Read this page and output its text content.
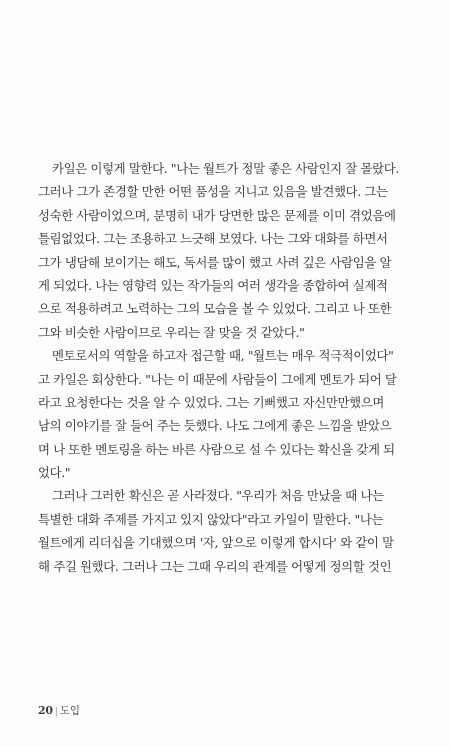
카일은 이렇게 말한다. "나는 월트가 정말 좋은 사람인지 잘 몰랐다.
그러나 그가 존경할 만한 어떤 품성을 지니고 있음을 발견했다. 그는
성숙한 사람이었으며, 분명히 내가 당면한 많은 문제를 이미 겪었음에
틀림없었다. 그는 조용하고 느긋해 보였다. 나는 그와 대화를 하면서
그가 냉담해 보이기는 해도, 독서를 많이 했고 사려 깊은 사람임을 알
게 되었다. 나는 영향력 있는 작가들의 여러 생각을 종합하여 실제적
으로 적용하려고 노력하는 그의 모습을 볼 수 있었다. 그리고 나 또한
그와 비슷한 사람이므로 우리는 잘 맞을 것 같았다."
멘토로서의 역할을 하고자 접근할 때, "월트는 매우 적극적이었다"
고 카일은 회상한다. "나는 이 때문에 사람들이 그에게 멘토가 되어 달
라고 요청한다는 것을 알 수 있었다. 그는 기뻐했고 자신만만했으며
남의 이야기를 잘 들어 주는 듯했다. 나도 그에게 좋은 느낌을 받았으
며 나 또한 멘토링을 하는 바른 사람으로 설 수 있다는 확신을 갖게 되
었다."
그러나 그러한 확신은 곧 사라졌다. "우리가 처음 만났을 때 나는
특별한 대화 주제를 가지고 있지 않았다"라고 카일이 말한다. "나는
월트에게 리더십을 기대했으며 '자, 앞으로 이렇게 합시다' 와 같이 말
해 주길 원했다. 그러나 그는 그때 우리의 관계를 어떻게 정의할 것인
20 | 도입
